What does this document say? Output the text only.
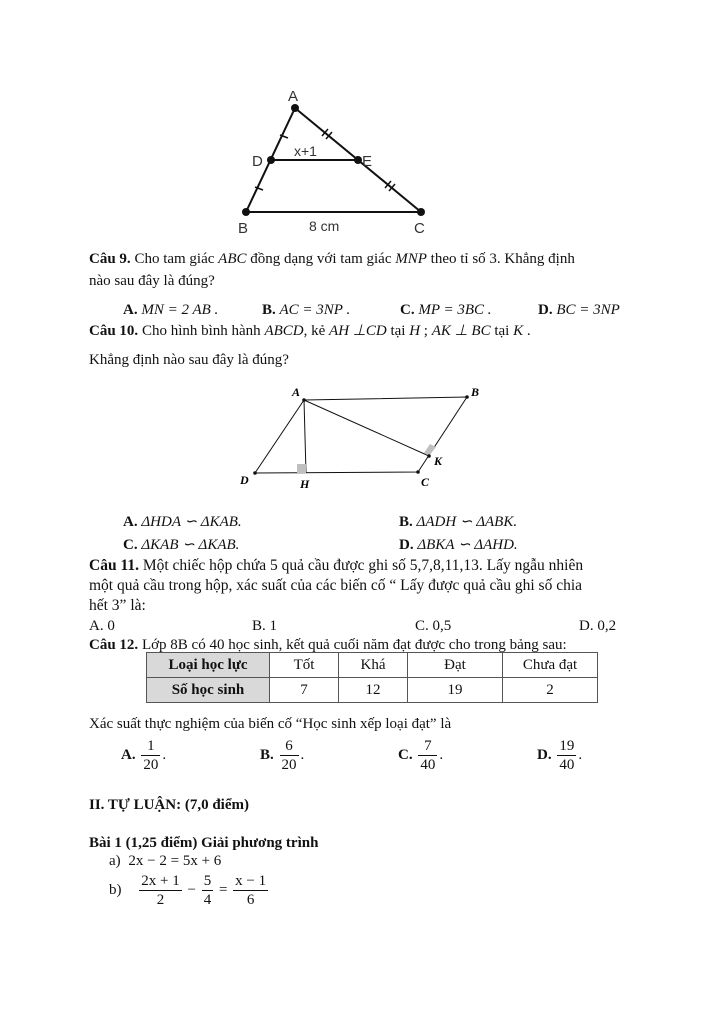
A
B	C
D	E
x+1
8 cm
Câu 9. Cho tam giác ABC đồng dạng với tam giác MNP theo tỉ số 3. Khẳng định
nào sau đây là đúng?
A. MN = 2 AB .	B. AC = 3NP .	C. MP = 3BC .	D. BC = 3NP
Câu 10. Cho hình bình hành ABCD, kẻ AH ⊥CD tại H ; AK ⊥ BC tại K .
Khẳng định nào sau đây là đúng?
A	B
C
D	H
K
A. ΔHDA ∽ ΔKAB.	B. ΔADH ∽ ΔABK.
C. ΔKAB ∽ ΔKAB.	D. ΔBKA ∽ ΔAHD.
Câu 11. Một chiếc hộp chứa 5 quả cầu được ghi số 5,7,8,11,13. Lấy ngẫu nhiên
một quả cầu trong hộp, xác suất của các biến cố “ Lấy được quả cầu ghi số chia
hết 3” là:
A. 0	B. 1	C. 0,5	D. 0,2
Câu 12. Lớp 8B có 40 học sinh, kết quả cuối năm đạt được cho trong bảng sau:
Loại học lực	Tốt	Khá	Đạt	Chưa đạt
Số học sinh	7	12	19	2
Xác suất thực nghiệm của biến cố “Học sinh xếp loại đạt” là
A. $\frac{1}{20}$ .	B. $\frac{6}{20}$ .	C. $\frac{7}{40}$ .	D. $\frac{19}{40}$ .
II. TỰ LUẬN: (7,0 điểm)
Bài 1 (1,25 điểm) Giải phương trình
a) 2x − 2 = 5x + 6
$b) \frac{2x + 1}{2} - \frac{5}{4} = \frac{x - 1}{6}$
